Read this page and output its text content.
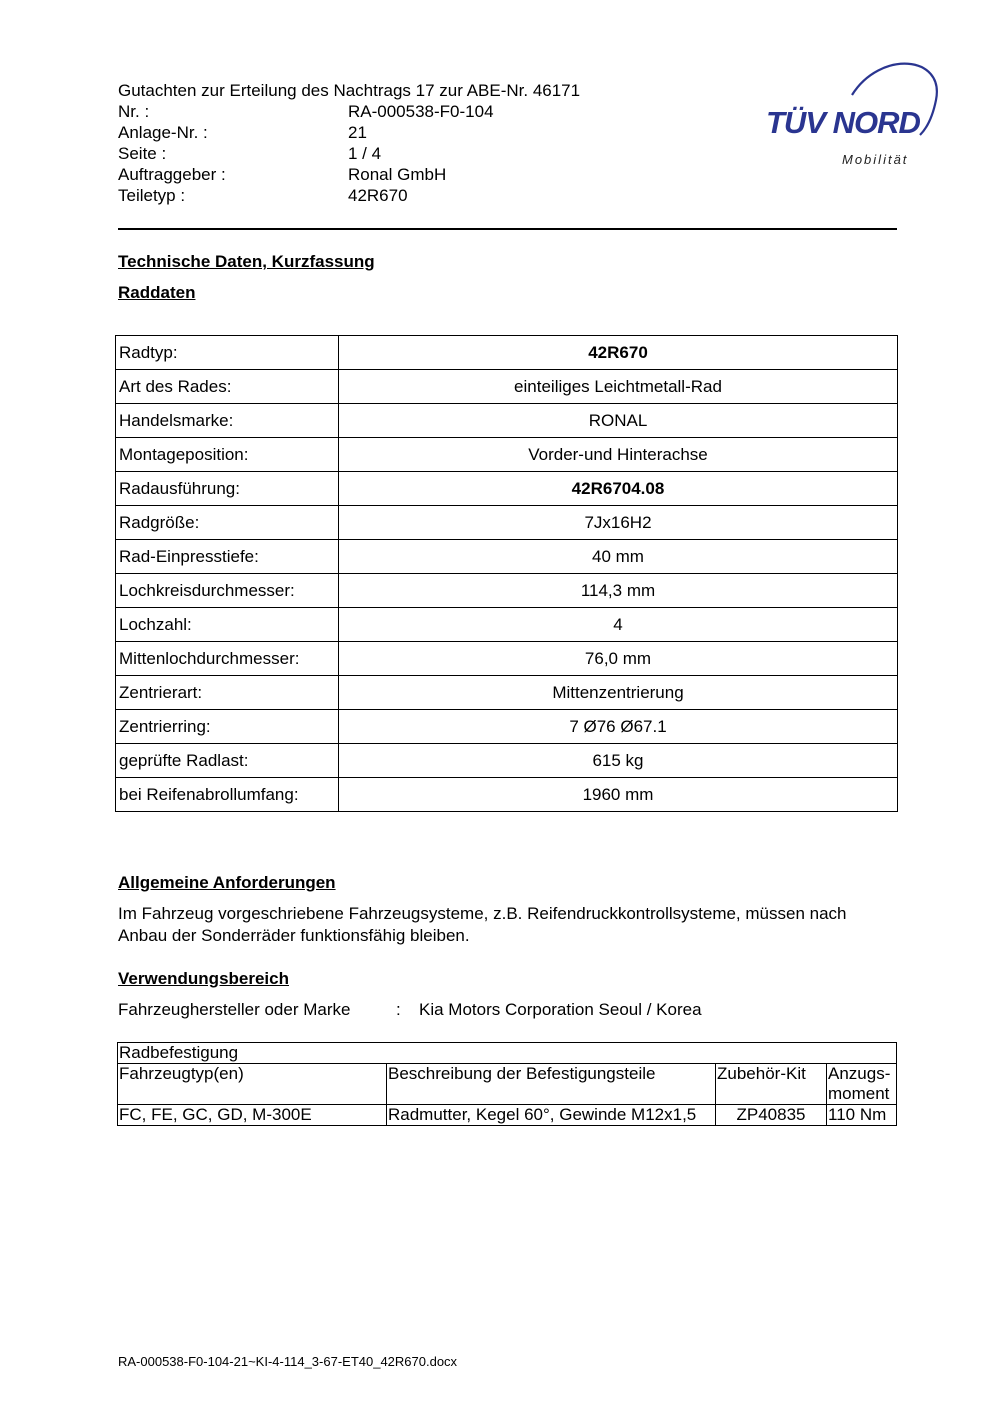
Gutachten zur Erteilung des Nachtrags 17 zur ABE-Nr. 46171
Nr. :	RA-000538-F0-104
Anlage-Nr. :	21
Seite :	1 / 4
Auftraggeber :	Ronal GmbH
Teiletyp :	42R670
TÜV NORD
Mobilität
Technische Daten, Kurzfassung
Raddaten
Radtyp:	42R670
Art des Rades:	einteiliges Leichtmetall-Rad
Handelsmarke:	RONAL
Montageposition:	Vorder-und Hinterachse
Radausführung:	42R6704.08
Radgröße:	7Jx16H2
Rad-Einpresstiefe:	40 mm
Lochkreisdurchmesser:	114,3 mm
Lochzahl:	4
Mittenlochdurchmesser:	76,0 mm
Zentrierart:	Mittenzentrierung
Zentrierring:	7 Ø76 Ø67.1
geprüfte Radlast:	615 kg
bei Reifenabrollumfang:	1960 mm
Allgemeine Anforderungen
Im Fahrzeug vorgeschriebene Fahrzeugsysteme, z.B. Reifendruckkontrollsysteme, müssen nach Anbau der Sonderräder funktionsfähig bleiben.
Verwendungsbereich
Fahrzeughersteller oder Marke	:	Kia Motors Corporation Seoul / Korea
Radbefestigung			
Fahrzeugtyp(en)	Beschreibung der Befestigungsteile	Zubehör-Kit	Anzugs-moment
FC, FE, GC, GD, M-300E	Radmutter, Kegel 60°, Gewinde M12x1,5	ZP40835	110 Nm
RA-000538-F0-104-21~KI-4-114_3-67-ET40_42R670.docx
